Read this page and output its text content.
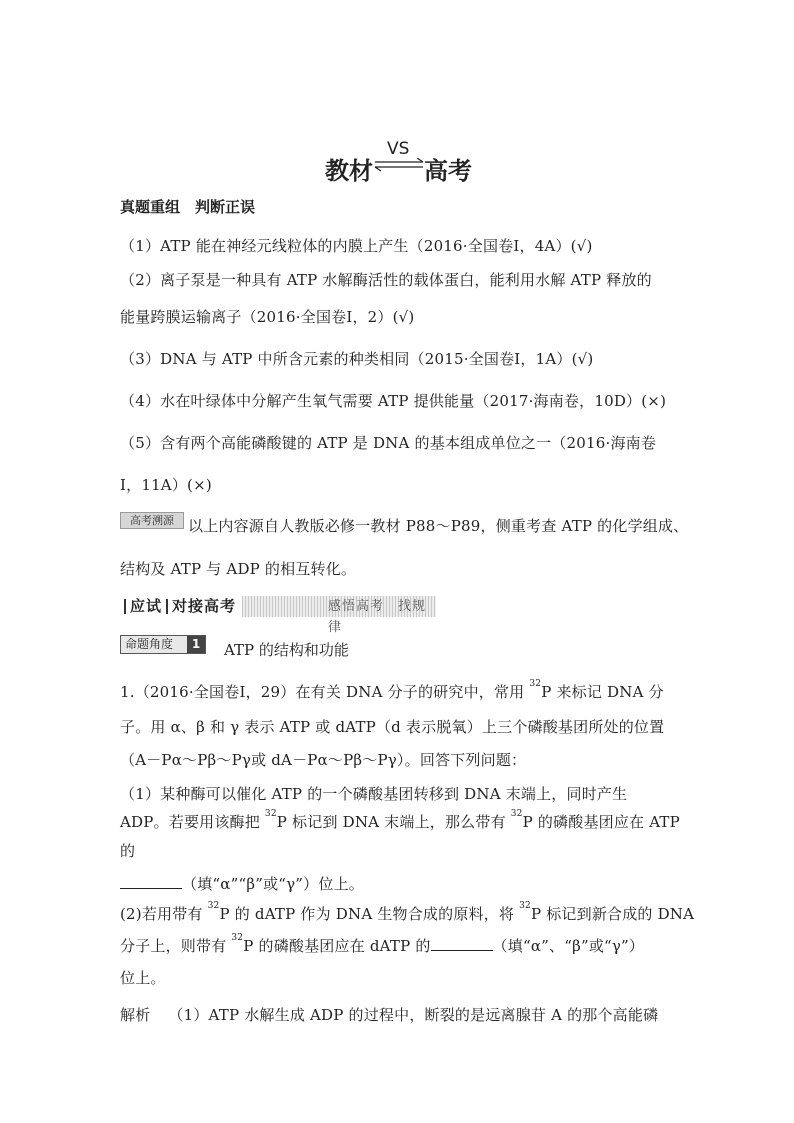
教材
VS
高考
真题重组　判断正误
（1）ATP 能在神经元线粒体的内膜上产生（2016·全国卷Ⅰ，4A）(√)
（2）离子泵是一种具有 ATP 水解酶活性的载体蛋白，能利用水解 ATP 释放的
能量跨膜运输离子（2016·全国卷Ⅰ，2）(√)
（3）DNA 与 ATP 中所含元素的种类相同（2015·全国卷Ⅰ，1A）(√)
（4）水在叶绿体中分解产生氧气需要 ATP 提供能量（2017·海南卷，10D）(×)
（5）含有两个高能磷酸键的 ATP 是 DNA 的基本组成单位之一（2016·海南卷
Ⅰ，11A）(×)
高考溯源 以上内容源自人教版必修一教材 P88～P89，侧重考查 ATP 的化学组成、
结构及 ATP 与 ADP 的相互转化。
应试 对接高考	感悟高考　找规律
命题角度	1	ATP 的结构和功能
1.（2016·全国卷Ⅰ，29）在有关 DNA 分子的研究中，常用 $^{32}$P 来标记 DNA 分
子。用 α、β 和 γ 表示 ATP 或 dATP（d 表示脱氧）上三个磷酸基团所处的位置
（A－Pα～Pβ～Pγ或 dA－Pα～Pβ～Pγ）。回答下列问题：
（1）某种酶可以催化 ATP 的一个磷酸基团转移到 DNA 末端上，同时产生
ADP。若要用该酶把 $^{32}$P 标记到 DNA 末端上，那么带有 $^{32}$P 的磷酸基团应在 ATP
的
（填“α”“β”或“γ”）位上。
(2)若用带有 $^{32}$P 的 dATP 作为 DNA 生物合成的原料，将 $^{32}$P 标记到新合成的 DNA
分子上，则带有 $^{32}$P 的磷酸基团应在 dATP 的	（填“α”、“β”或“γ”）
位上。
解析 （1）ATP 水解生成 ADP 的过程中，断裂的是远离腺苷 A 的那个高能磷
